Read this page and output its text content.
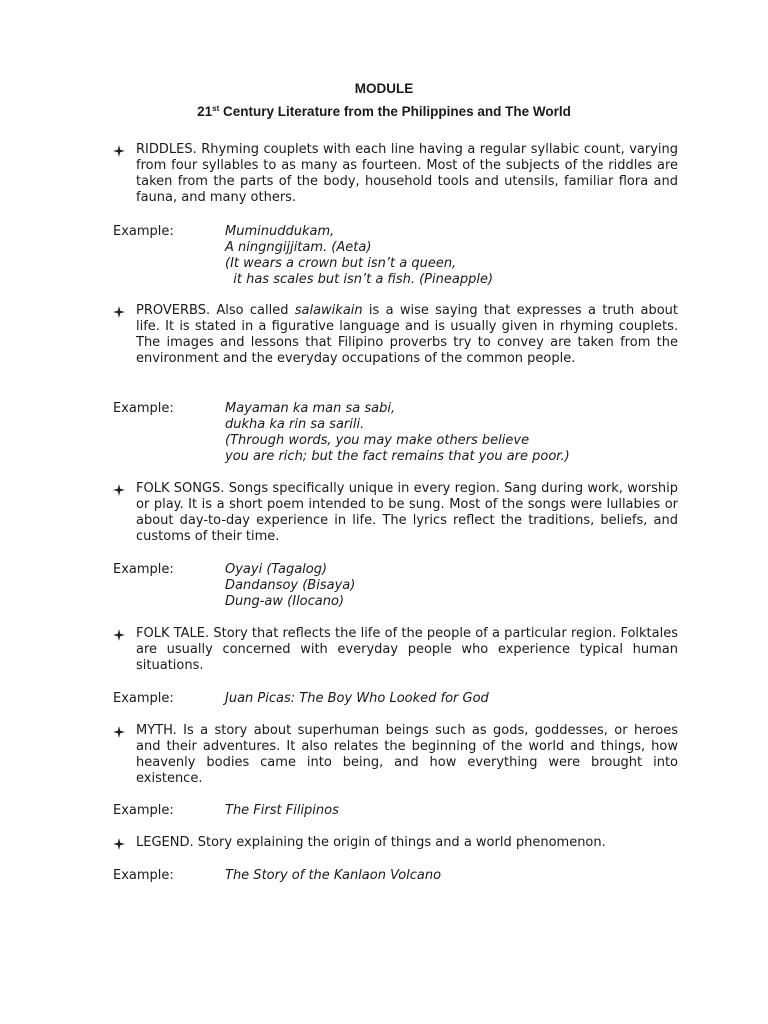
MODULE
21st Century Literature from the Philippines and The World
RIDDLES. Rhyming couplets with each line having a regular syllabic count, varying from four syllables to as many as fourteen. Most of the subjects of the riddles are taken from the parts of the body, household tools and utensils, familiar flora and fauna, and many others.
Example:	Muminuddukam,
A ningngijjitam. (Aeta)
(It wears a crown but isn’t a queen,
it has scales but isn’t a fish. (Pineapple)
PROVERBS. Also called salawikain is a wise saying that expresses a truth about life. It is stated in a figurative language and is usually given in rhyming couplets. The images and lessons that Filipino proverbs try to convey are taken from the environment and the everyday occupations of the common people.
Example:	Mayaman ka man sa sabi,
dukha ka rin sa sarili.
(Through words, you may make others believe
you are rich; but the fact remains that you are poor.)
FOLK SONGS. Songs specifically unique in every region. Sang during work, worship or play. It is a short poem intended to be sung. Most of the songs were lullabies or about day-to-day experience in life. The lyrics reflect the traditions, beliefs, and customs of their time.
Example:	Oyayi (Tagalog)
Dandansoy (Bisaya)
Dung-aw (Ilocano)
FOLK TALE. Story that reflects the life of the people of a particular region. Folktales are usually concerned with everyday people who experience typical human situations.
Example:	Juan Picas: The Boy Who Looked for God
MYTH. Is a story about superhuman beings such as gods, goddesses, or heroes and their adventures. It also relates the beginning of the world and things, how heavenly bodies came into being, and how everything were brought into existence.
Example:	The First Filipinos
LEGEND. Story explaining the origin of things and a world phenomenon.
Example:	The Story of the Kanlaon Volcano
